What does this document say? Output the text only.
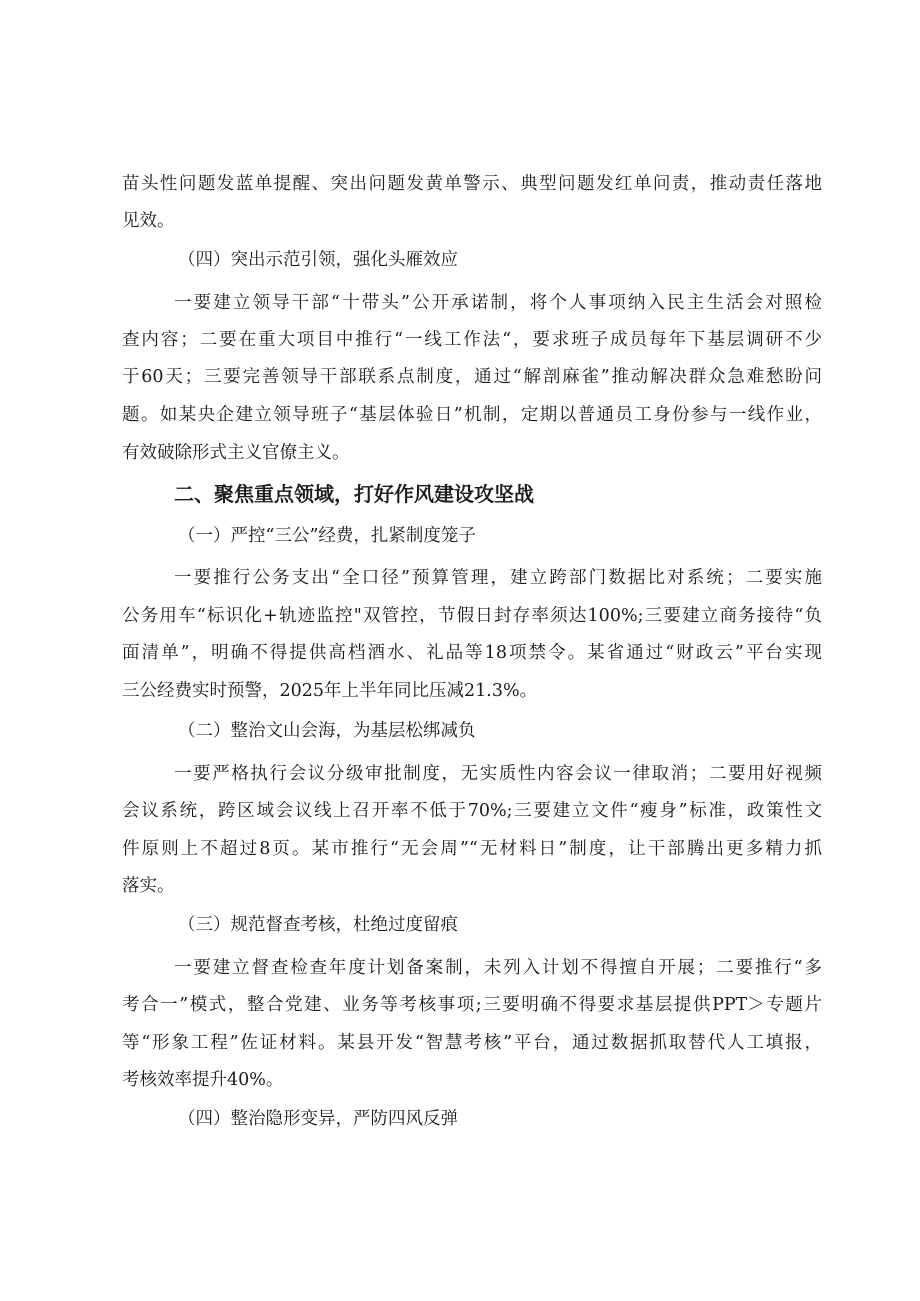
苗头性问题发蓝单提醒、突出问题发黄单警示、典型问题发红单问责，推动责任落地
见效。
（四）突出示范引领，强化头雁效应
一要建立领导干部“十带头”公开承诺制，将个人事项纳入民主生活会对照检
查内容；二要在重大项目中推行“一线工作法“，要求班子成员每年下基层调研不少
于60天；三要完善领导干部联系点制度，通过“解剖麻雀”推动解决群众急难愁盼问
题。如某央企建立领导班子“基层体验日”机制，定期以普通员工身份参与一线作业，
有效破除形式主义官僚主义。
二、聚焦重点领域，打好作风建设攻坚战
（一）严控“三公”经费，扎紧制度笼子
一要推行公务支出“全口径”预算管理，建立跨部门数据比对系统；二要实施
公务用车“标识化+轨迹监控"双管控，节假日封存率须达100%;三要建立商务接待“负
面清单”，明确不得提供高档酒水、礼品等18项禁令。某省通过“财政云”平台实现
三公经费实时预警，2025年上半年同比压减21.3%。
（二）整治文山会海，为基层松绑减负
一要严格执行会议分级审批制度，无实质性内容会议一律取消；二要用好视频
会议系统，跨区域会议线上召开率不低于70%;三要建立文件“瘦身”标准，政策性文
件原则上不超过8页。某市推行“无会周”“无材料日”制度，让干部腾出更多精力抓
落实。
（三）规范督查考核，杜绝过度留痕
一要建立督查检查年度计划备案制，未列入计划不得擅自开展；二要推行“多
考合一”模式，整合党建、业务等考核事项;三要明确不得要求基层提供PPT＞专题片
等“形象工程”佐证材料。某县开发“智慧考核”平台，通过数据抓取替代人工填报，
考核效率提升40%。
（四）整治隐形变异，严防四风反弹
